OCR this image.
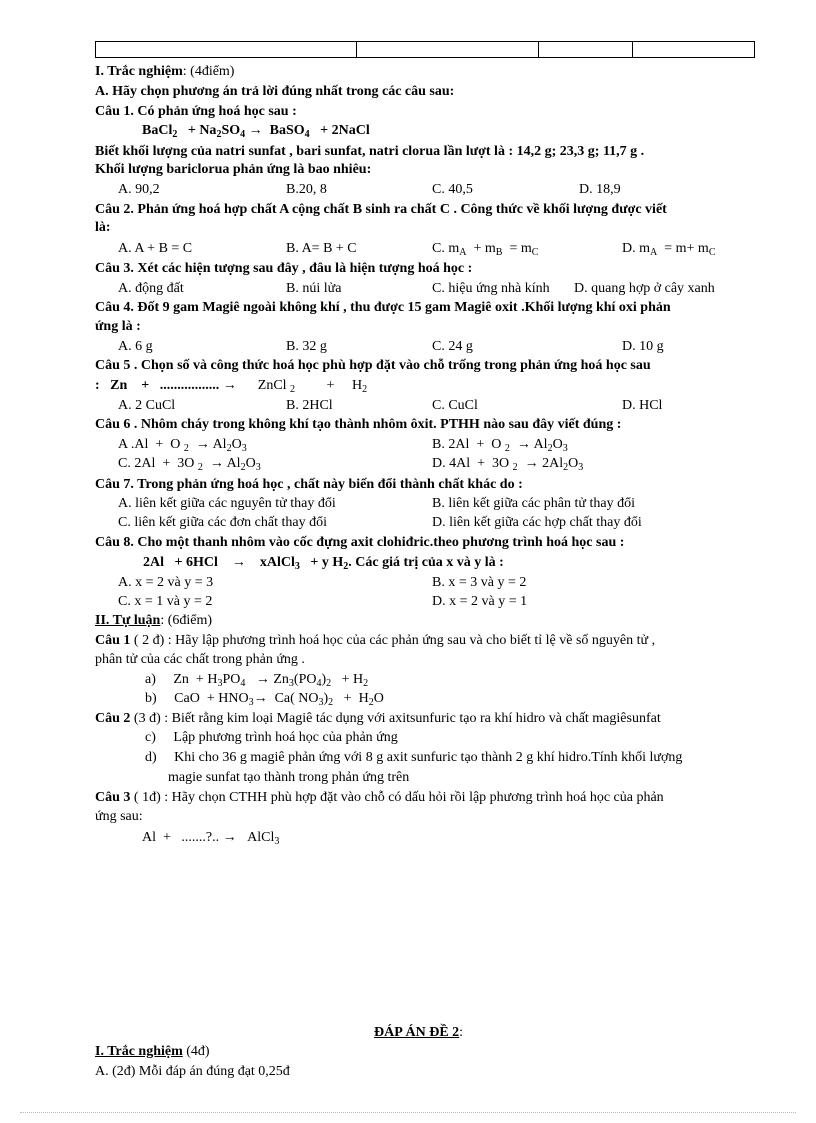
I. Trắc nghiệm: (4điểm)
A. Hãy chọn phương án trả lời đúng nhất trong các câu sau:
Câu 1. Có phản ứng hoá học sau :
BaCl$_2$   + $Na_2SO_4$ →  BaSO$_4$   + 2NaCl
Biết khối lượng của natri sunfat , bari sunfat, natri clorua lần lượt là : 14,2 g; 23,3 g; 11,7 g .
Khối lượng bariclorua phản ứng là bao nhiêu:
A. 90,2	B.20, 8	C. 40,5	D. 18,9
Câu 2. Phản ứng hoá hợp chất A cộng chất B sinh ra chất C . Công thức về khối lượng được viết
là:
A. A + B = C	B. A= B + C	C. $m_A + m_B = m_C$	D. $m_A = m+ m_C$
Câu 3. Xét các hiện tượng sau đây , đâu là hiện tượng hoá học :
A. động đất	B. núi lửa	C. hiệu ứng nhà kính D. quang hợp ở cây xanh
Câu 4. Đốt 9 gam Magiê ngoài không khí , thu được 15 gam Magiê oxit .Khối lượng khí oxi phản
ứng là :
A. 6 g	B. 32 g	C. 24 g	D. 10 g
Câu 5 . Chọn số và công thức hoá học phù hợp đặt vào chỗ trống trong phản ứng hoá học sau
:   Zn    +   ................. →      ZnCl $_2$         +     $H_2$
A. 2 CuCl	B. 2HCl	C. CuCl	D. HCl
Câu 6 . Nhôm cháy trong không khí tạo thành nhôm ôxit. PTHH nào sau đây viết đúng :
A .Al  +  O $_2 \to Al_2O_3$	B. 2Al  +  O $_2 \to Al_2O_3$
C. 2Al  +  3O $_2 \to Al_2O_3$	D. 4Al  +  3O $_2 \to 2Al_2O_3$
Câu 7. Trong phản ứng hoá học , chất này biến đổi thành chất khác do :
A. liên kết giữa các nguyên tử thay đổi	B. liên kết giữa các phân tử thay đổi
C. liên kết giữa các đơn chất thay đổi	D. liên kết giữa các hợp chất thay đổi
Câu 8. Cho một thanh nhôm vào cốc đựng axit clohiđric.theo phương trình hoá học sau :
2Al   + 6HCl    →    xAlCl$_3$   + y $H_2$. Các giá trị của x và y là :
A. x = 2 và y = 3	B. x = 3 và y = 2
C. x = 1 và y = 2	D. x = 2 và y = 1
II. Tự luận: (6điểm)
Câu 1 ( 2 đ) : Hãy lập phương trình hoá học của các phản ứng sau và cho biết tỉ lệ về số nguyên tử ,
phân tử của các chất trong phản ứng .
a)     $Zn + H_3PO_4 \to Zn_3(PO_4)_2 + H_2$
b)     CaO  + $HNO_3\to Ca$( $NO_3)_2 + H_2O$
Câu 2 (3 đ) : Biết rằng kim loại Magiê tác dụng với axitsunfuric tạo ra khí hidro và chất magiêsunfat
c)     Lập phương trình hoá học của phản ứng
d)     Khi cho 36 g magiê phản ứng với 8 g axit sunfuric tạo thành 2 g khí hidro.Tính khối lượng
magie sunfat tạo thành trong phản ứng trên
Câu 3 ( 1đ) : Hãy chọn CTHH phù hợp đặt vào chỗ có dấu hỏi rồi lập phương trình hoá học của phản
ứng sau:
Al  +   .......?.. →   AlCl$_3$
ĐÁP ÁN ĐỀ 2:
I. Trắc nghiệm (4đ)
A. (2đ) Mỗi đáp án đúng đạt 0,25đ
